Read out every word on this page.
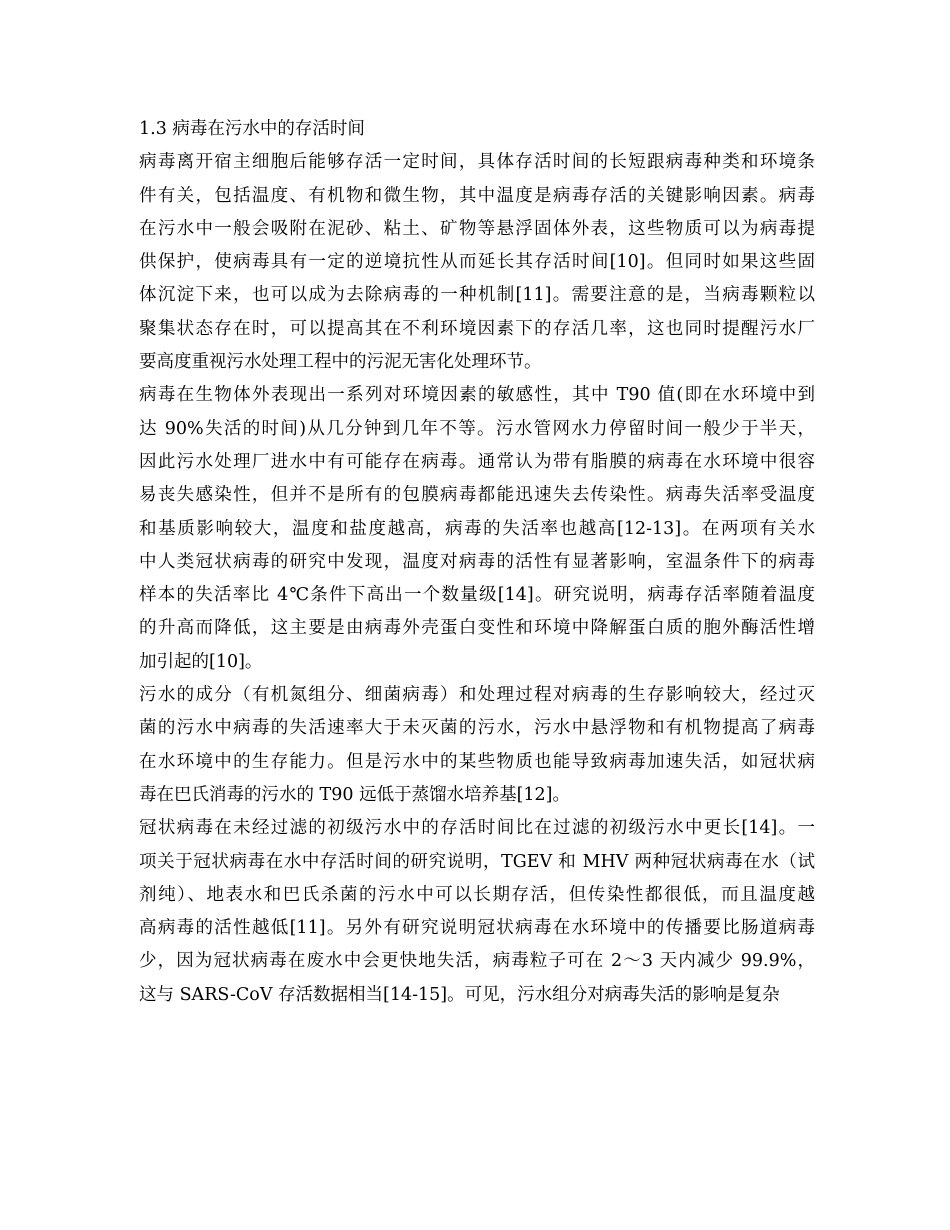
1.3 病毒在污水中的存活时间
病毒离开宿主细胞后能够存活一定时间，具体存活时间的长短跟病毒种类和环境条
件有关，包括温度、有机物和微生物，其中温度是病毒存活的关键影响因素。病毒
在污水中一般会吸附在泥砂、粘土、矿物等悬浮固体外表，这些物质可以为病毒提
供保护，使病毒具有一定的逆境抗性从而延长其存活时间[10]。但同时如果这些固
体沉淀下来，也可以成为去除病毒的一种机制[11]。需要注意的是，当病毒颗粒以
聚集状态存在时，可以提高其在不利环境因素下的存活几率，这也同时提醒污水厂
要高度重视污水处理工程中的污泥无害化处理环节。
病毒在生物体外表现出一系列对环境因素的敏感性，其中 T90 值(即在水环境中到
达 90%失活的时间)从几分钟到几年不等。污水管网水力停留时间一般少于半天，
因此污水处理厂进水中有可能存在病毒。通常认为带有脂膜的病毒在水环境中很容
易丧失感染性，但并不是所有的包膜病毒都能迅速失去传染性。病毒失活率受温度
和基质影响较大，温度和盐度越高，病毒的失活率也越高[12-13]。在两项有关水
中人类冠状病毒的研究中发现，温度对病毒的活性有显著影响，室温条件下的病毒
样本的失活率比 4℃条件下高出一个数量级[14]。研究说明，病毒存活率随着温度
的升高而降低，这主要是由病毒外壳蛋白变性和环境中降解蛋白质的胞外酶活性增
加引起的[10]。
污水的成分（有机氮组分、细菌病毒）和处理过程对病毒的生存影响较大，经过灭
菌的污水中病毒的失活速率大于未灭菌的污水，污水中悬浮物和有机物提高了病毒
在水环境中的生存能力。但是污水中的某些物质也能导致病毒加速失活，如冠状病
毒在巴氏消毒的污水的 T90 远低于蒸馏水培养基[12]。
冠状病毒在未经过滤的初级污水中的存活时间比在过滤的初级污水中更长[14]。一
项关于冠状病毒在水中存活时间的研究说明，TGEV 和 MHV 两种冠状病毒在水（试
剂纯）、地表水和巴氏杀菌的污水中可以长期存活，但传染性都很低，而且温度越
高病毒的活性越低[11]。另外有研究说明冠状病毒在水环境中的传播要比肠道病毒
少，因为冠状病毒在废水中会更快地失活，病毒粒子可在 2～3 天内减少 99.9%，
这与 SARS-CoV 存活数据相当[14-15]。可见，污水组分对病毒失活的影响是复杂
